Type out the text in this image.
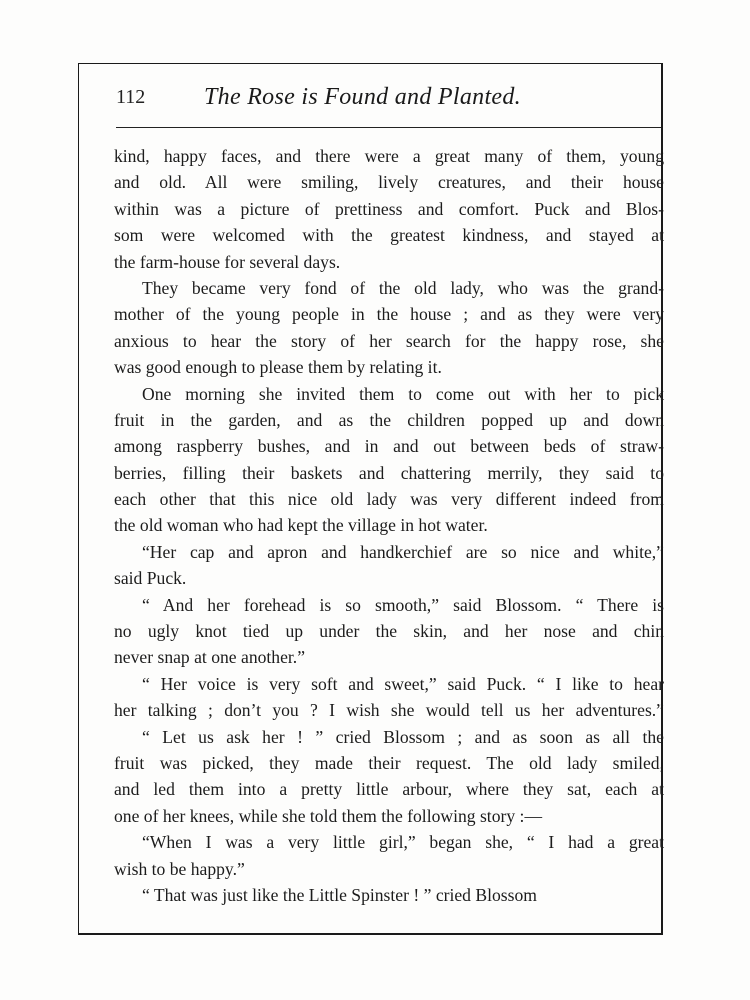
112 The Rose is Found and Planted.
kind, happy faces, and there were a great many of them, young
and old. All were smiling, lively creatures, and their house
within was a picture of prettiness and comfort. Puck and Blos-
som were welcomed with the greatest kindness, and stayed at
the farm-house for several days.
They became very fond of the old lady, who was the grand-
mother of the young people in the house ; and as they were very
anxious to hear the story of her search for the happy rose, she
was good enough to please them by relating it.
One morning she invited them to come out with her to pick
fruit in the garden, and as the children popped up and down
among raspberry bushes, and in and out between beds of straw-
berries, filling their baskets and chattering merrily, they said to
each other that this nice old lady was very different indeed from
the old woman who had kept the village in hot water.
“Her cap and apron and handkerchief are so nice and white,”
said Puck.
“ And her forehead is so smooth,” said Blossom. “ There is
no ugly knot tied up under the skin, and her nose and chin
never snap at one another.”
“ Her voice is very soft and sweet,” said Puck. “ I like to hear
her talking ; don’t you ? I wish she would tell us her adventures.”
“ Let us ask her ! ” cried Blossom ; and as soon as all the
fruit was picked, they made their request. The old lady smiled,
and led them into a pretty little arbour, where they sat, each at
one of her knees, while she told them the following story :—
“When I was a very little girl,” began she, “ I had a great
wish to be happy.”
“ That was just like the Little Spinster ! ” cried Blossom
